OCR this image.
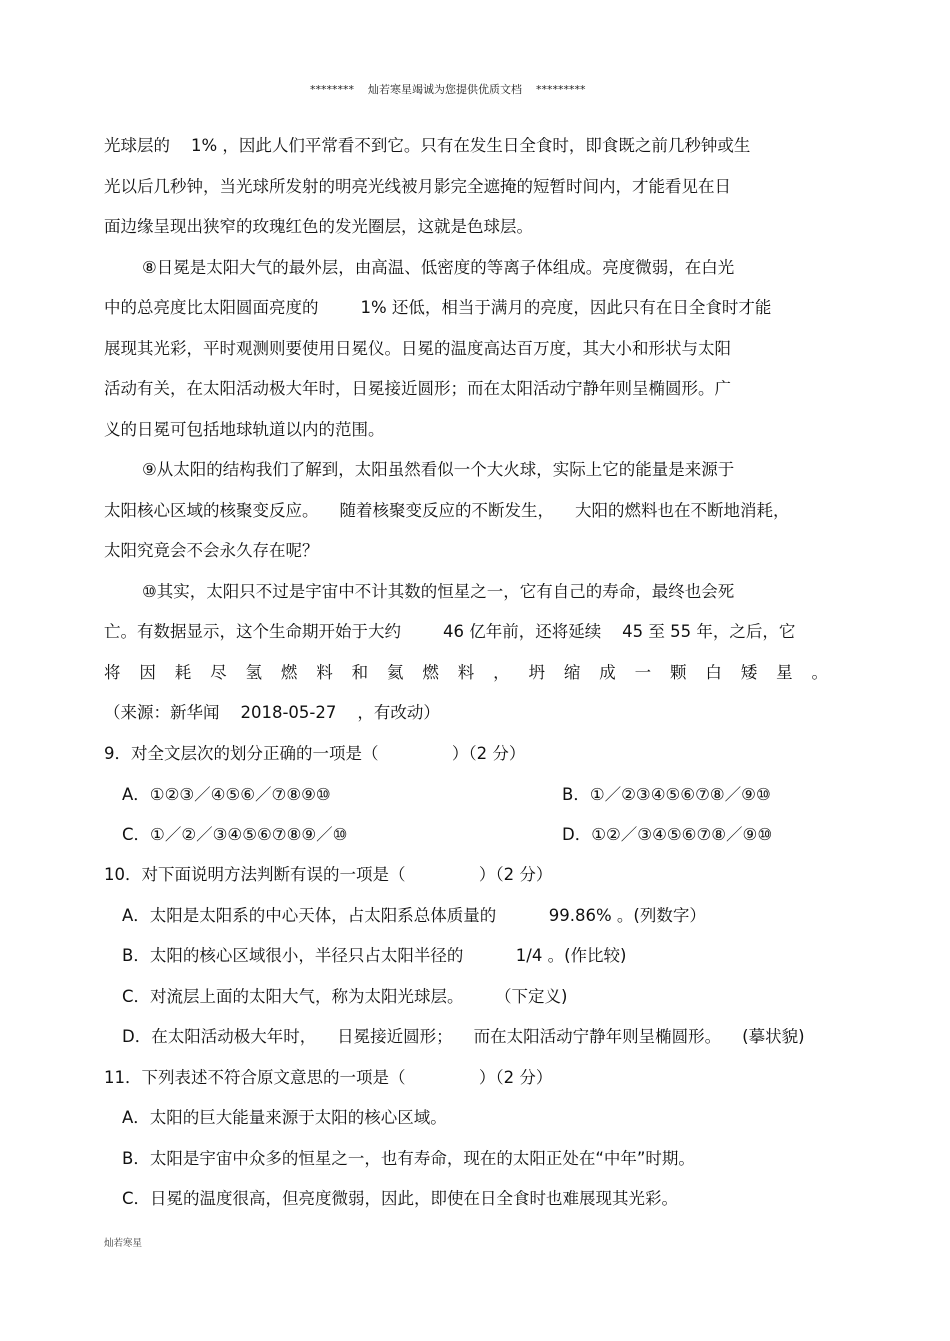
********    灿若寒星竭诚为您提供优质文档    *********
光球层的    1% ，因此人们平常看不到它。只有在发生日全食时，即食既之前几秒钟或生
光以后几秒钟，当光球所发射的明亮光线被月影完全遮掩的短暂时间内，才能看见在日
面边缘呈现出狭窄的玫瑰红色的发光圈层，这就是色球层。
⑧日冕是太阳大气的最外层，由高温、低密度的等离子体组成。亮度微弱，在白光
中的总亮度比太阳圆面亮度的        1% 还低，相当于满月的亮度，因此只有在日全食时才能
展现其光彩，平时观测则要使用日冕仪。日冕的温度高达百万度，其大小和形状与太阳
活动有关，在太阳活动极大年时，日冕接近圆形；而在太阳活动宁静年则呈椭圆形。广
义的日冕可包括地球轨道以内的范围。
⑨从太阳的结构我们了解到，太阳虽然看似一个大火球，实际上它的能量是来源于
太阳核心区域的核聚变反应。    随着核聚变反应的不断发生，    大阳的燃料也在不断地消耗，
太阳究竟会不会永久存在呢？
⑩其实，太阳只不过是宇宙中不计其数的恒星之一，它有自己的寿命，最终也会死
亡。有数据显示，这个生命期开始于大约        46 亿年前，还将延续    45 至 55 年，之后，它
将 因 耗 尽 氢 燃 料 和 氦 燃 料 ， 坍 缩 成 一 颗 白 矮 星 。
（来源：新华闻    2018-05-27    ，有改动）
9．对全文层次的划分正确的一项是（              ）（2 分）
A．①②③／④⑤⑥／⑦⑧⑨⑩	B．①／②③④⑤⑥⑦⑧／⑨⑩
C．①／②／③④⑤⑥⑦⑧⑨／⑩	D．①②／③④⑤⑥⑦⑧／⑨⑩
10．对下面说明方法判断有误的一项是（              ）（2 分）
A．太阳是太阳系的中心天体，占太阳系总体质量的          99.86% 。(列数字）
B．太阳的核心区域很小，半径只占太阳半径的          1/4 。(作比较)
C．对流层上面的太阳大气，称为太阳光球层。      （下定义)
D．在太阳活动极大年时，    日冕接近圆形；    而在太阳活动宁静年则呈椭圆形。    (摹状貌)
11．下列表述不符合原文意思的一项是（              ）（2 分）
A．太阳的巨大能量来源于太阳的核心区域。
B．太阳是宇宙中众多的恒星之一，也有寿命，现在的太阳正处在“中年”时期。
C．日冕的温度很高，但亮度微弱，因此，即使在日全食时也难展现其光彩。
灿若寒星
